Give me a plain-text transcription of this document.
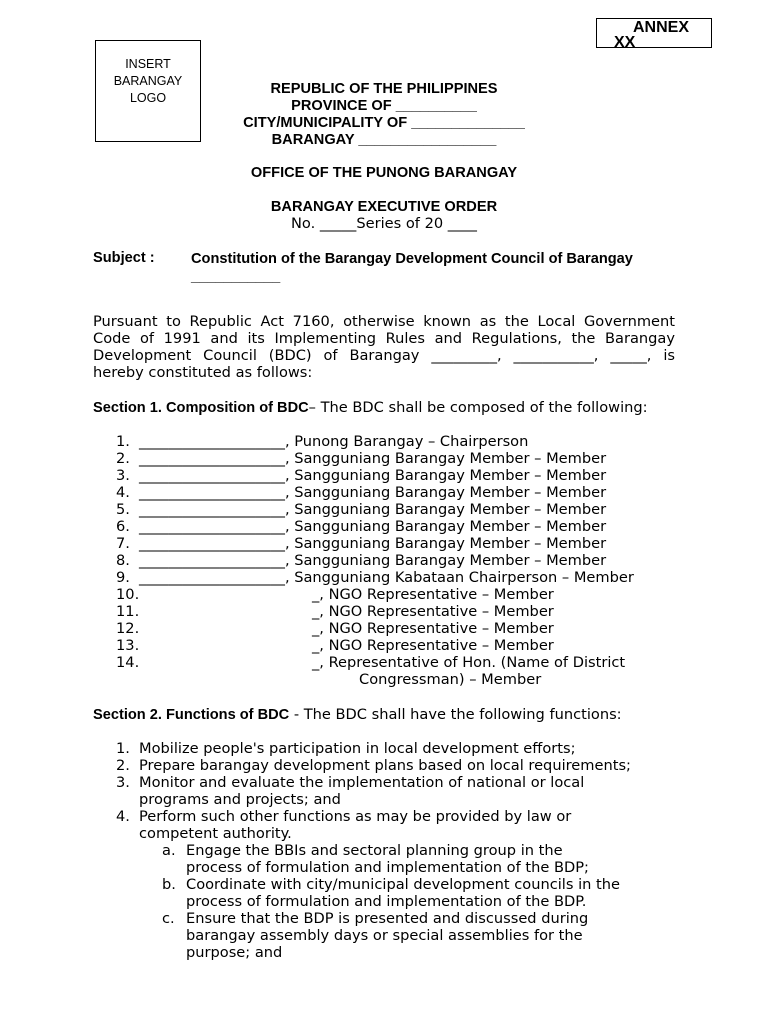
ANNEX
XX
INSERT
BARANGAY
LOGO
REPUBLIC OF THE PHILIPPINES
PROVINCE OF __________
CITY/MUNICIPALITY OF ______________
BARANGAY _________________
OFFICE OF THE PUNONG BARANGAY
BARANGAY EXECUTIVE ORDER
No. _____Series of 20 ____
Subject : Constitution of the Barangay Development Council of Barangay
___________
Pursuant to Republic Act 7160, otherwise known as the Local Government
Code of 1991 and its Implementing Rules and Regulations, the Barangay
Development Council (BDC) of Barangay _________, ___________, _____, is
hereby constituted as follows:
Section 1. Composition of BDC– The BDC shall be composed of the following:
1. ____________________, Punong Barangay – Chairperson
2. ____________________, Sangguniang Barangay Member – Member
3. ____________________, Sangguniang Barangay Member – Member
4. ____________________, Sangguniang Barangay Member – Member
5. ____________________, Sangguniang Barangay Member – Member
6. ____________________, Sangguniang Barangay Member – Member
7. ____________________, Sangguniang Barangay Member – Member
8. ____________________, Sangguniang Barangay Member – Member
9. ____________________, Sangguniang Kabataan Chairperson – Member
10.	_, NGO Representative – Member
11.	_, NGO Representative – Member
12.	_, NGO Representative – Member
13.	_, NGO Representative – Member
14.	_, Representative of Hon. (Name of District
Congressman) – Member
Section 2. Functions of BDC - The BDC shall have the following functions:
1. Mobilize people's participation in local development efforts;
2. Prepare barangay development plans based on local requirements;
3. Monitor and evaluate the implementation of national or local
programs and projects; and
4. Perform such other functions as may be provided by law or
competent authority.
a. Engage the BBIs and sectoral planning group in the
process of formulation and implementation of the BDP;
b. Coordinate with city/municipal development councils in the
process of formulation and implementation of the BDP.
c. Ensure that the BDP is presented and discussed during
barangay assembly days or special assemblies for the
purpose; and
